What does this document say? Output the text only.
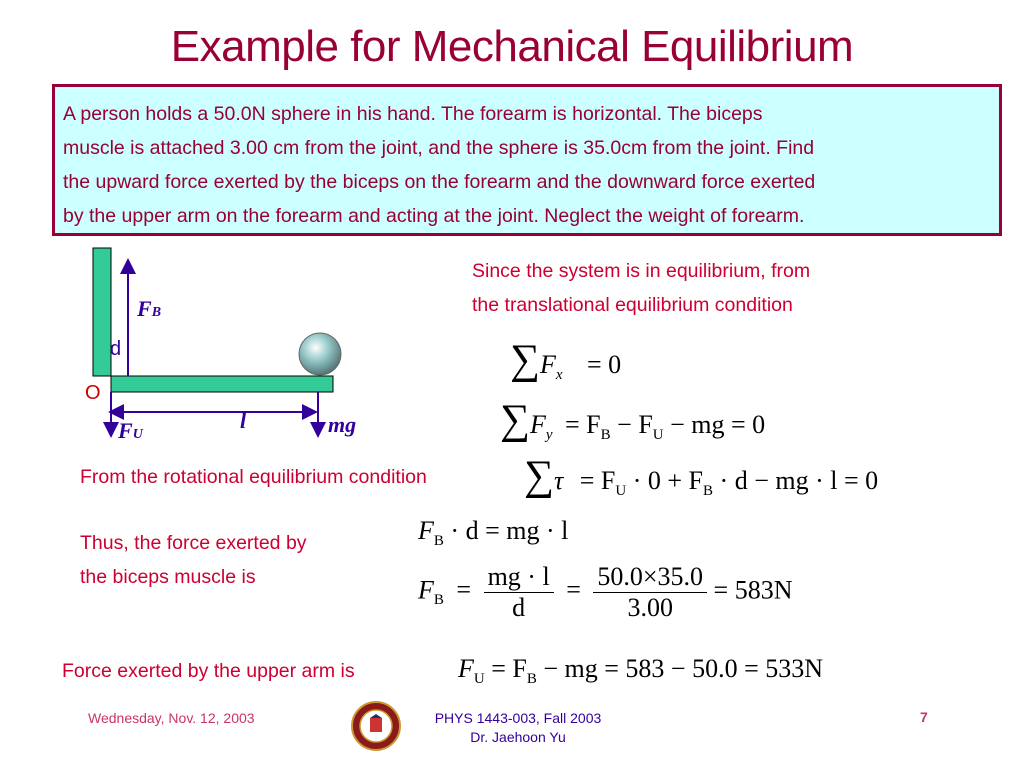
Example for Mechanical Equilibrium
A person holds a 50.0N sphere in his hand. The forearm is horizontal. The biceps
muscle is attached 3.00 cm from the joint, and the sphere is 35.0cm from the joint. Find
the upward force exerted by the biceps on the forearm and the downward force exerted
by the upper arm on the forearm and acting at the joint. Neglect the weight of forearm.
FB
d
O
FU
l	mg
Since the system is in equilibrium, from
the translational equilibrium condition
From the rotational equilibrium condition
Thus, the force exerted by
the biceps muscle is
Force exerted by the upper arm is
$\sum F_x = 0$
$\sum F_y = F_B - F_U$ − mg = 0
$\sum\tau = F_U \cdot 0 + F_B \cdot d$ − mg · l = 0
$F_B \cdot d$ = mg · l
$F_B = \frac{mg \cdot l}{d} = \frac{50.0\times 35.0}{3.00} = 583N$
$F_U = F_B$ − mg = 583 − 50.0 = 533N
Wednesday, Nov. 12, 2003	PHYS 1443-003, Fall 2003
Dr. Jaehoon Yu
7
